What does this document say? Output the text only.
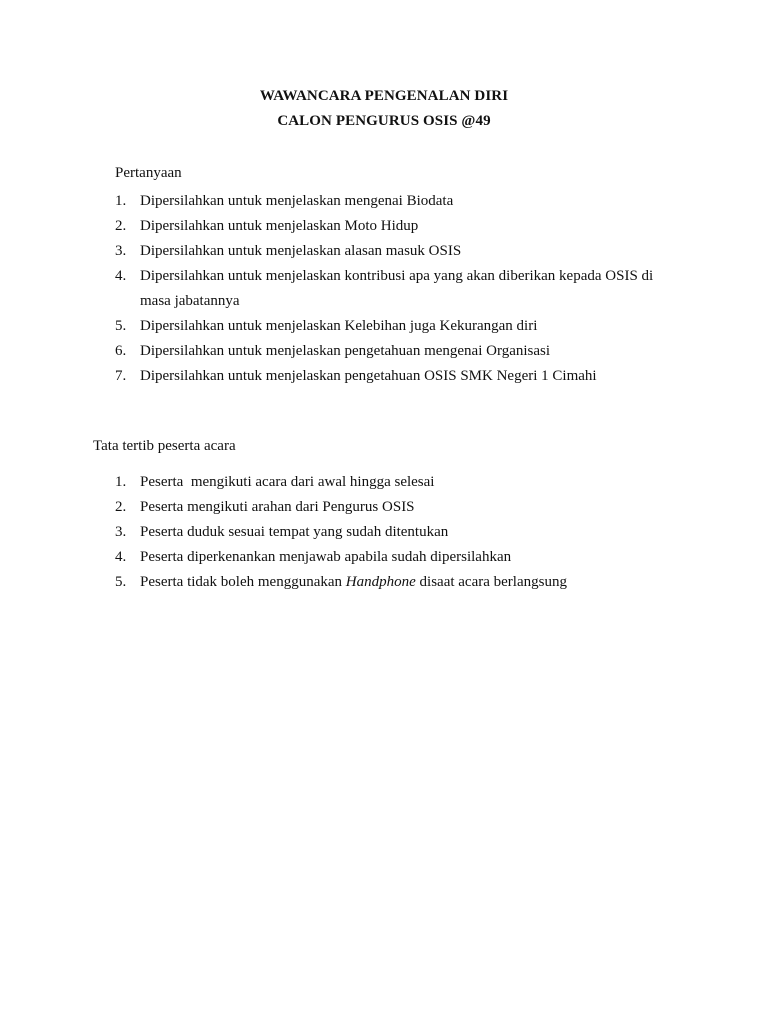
WAWANCARA PENGENALAN DIRI
CALON PENGURUS OSIS @49
Pertanyaan
1. Dipersilahkan untuk menjelaskan mengenai Biodata
2. Dipersilahkan untuk menjelaskan Moto Hidup
3. Dipersilahkan untuk menjelaskan alasan masuk OSIS
4. Dipersilahkan untuk menjelaskan kontribusi apa yang akan diberikan kepada OSIS di
masa jabatannya
5. Dipersilahkan untuk menjelaskan Kelebihan juga Kekurangan diri
6. Dipersilahkan untuk menjelaskan pengetahuan mengenai Organisasi
7. Dipersilahkan untuk menjelaskan pengetahuan OSIS SMK Negeri 1 Cimahi
Tata tertib peserta acara
1. Peserta  mengikuti acara dari awal hingga selesai
2. Peserta mengikuti arahan dari Pengurus OSIS
3. Peserta duduk sesuai tempat yang sudah ditentukan
4. Peserta diperkenankan menjawab apabila sudah dipersilahkan
5. Peserta tidak boleh menggunakan Handphone disaat acara berlangsung
